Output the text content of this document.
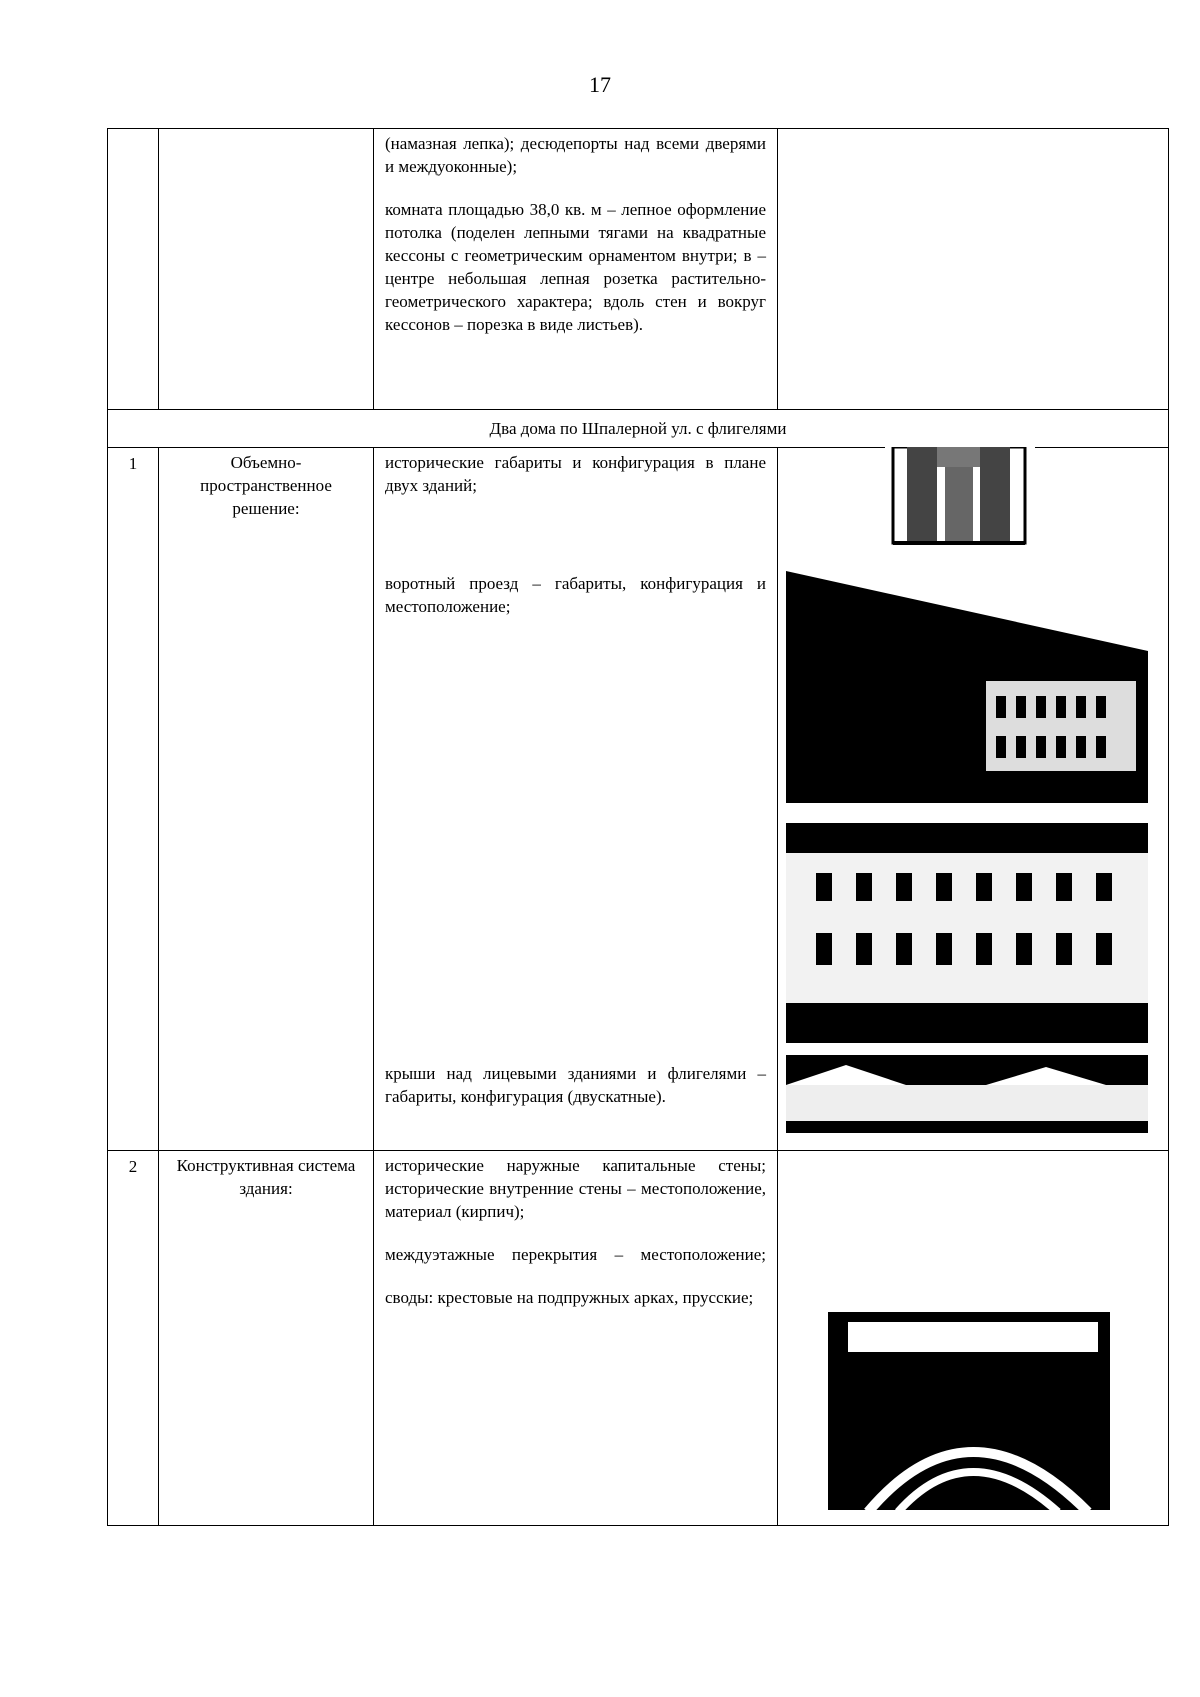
17

		(намазная лепка); десюдепорты над всеми дверями и междуоконные);

комната площадью 38,0 кв. м – лепное оформление потолка (поделен лепными тягами на квадратные кессоны с геометрическим орнаментом внутри; в – центре небольшая лепная розетка растительно-геометрического характера; вдоль стен и вокруг кессонов – порезка в виде листьев).	

Два дома по Шпалерной ул. с флигелями			
1	Объемно-пространственное решение:	исторические габариты и конфигурация в плане двух зданий;

воротный проезд – габариты, конфигурация и местоположение;

крыши над лицевыми зданиями и флигелями – габариты, конфигурация (двускатные).	

2	Конструктивная система здания:	исторические наружные капитальные стены; исторические внутренние стены – местоположение, материал (кирпич);

междуэтажные перекрытия – местоположение;

своды: крестовые на подпружных арках, прусские;	
